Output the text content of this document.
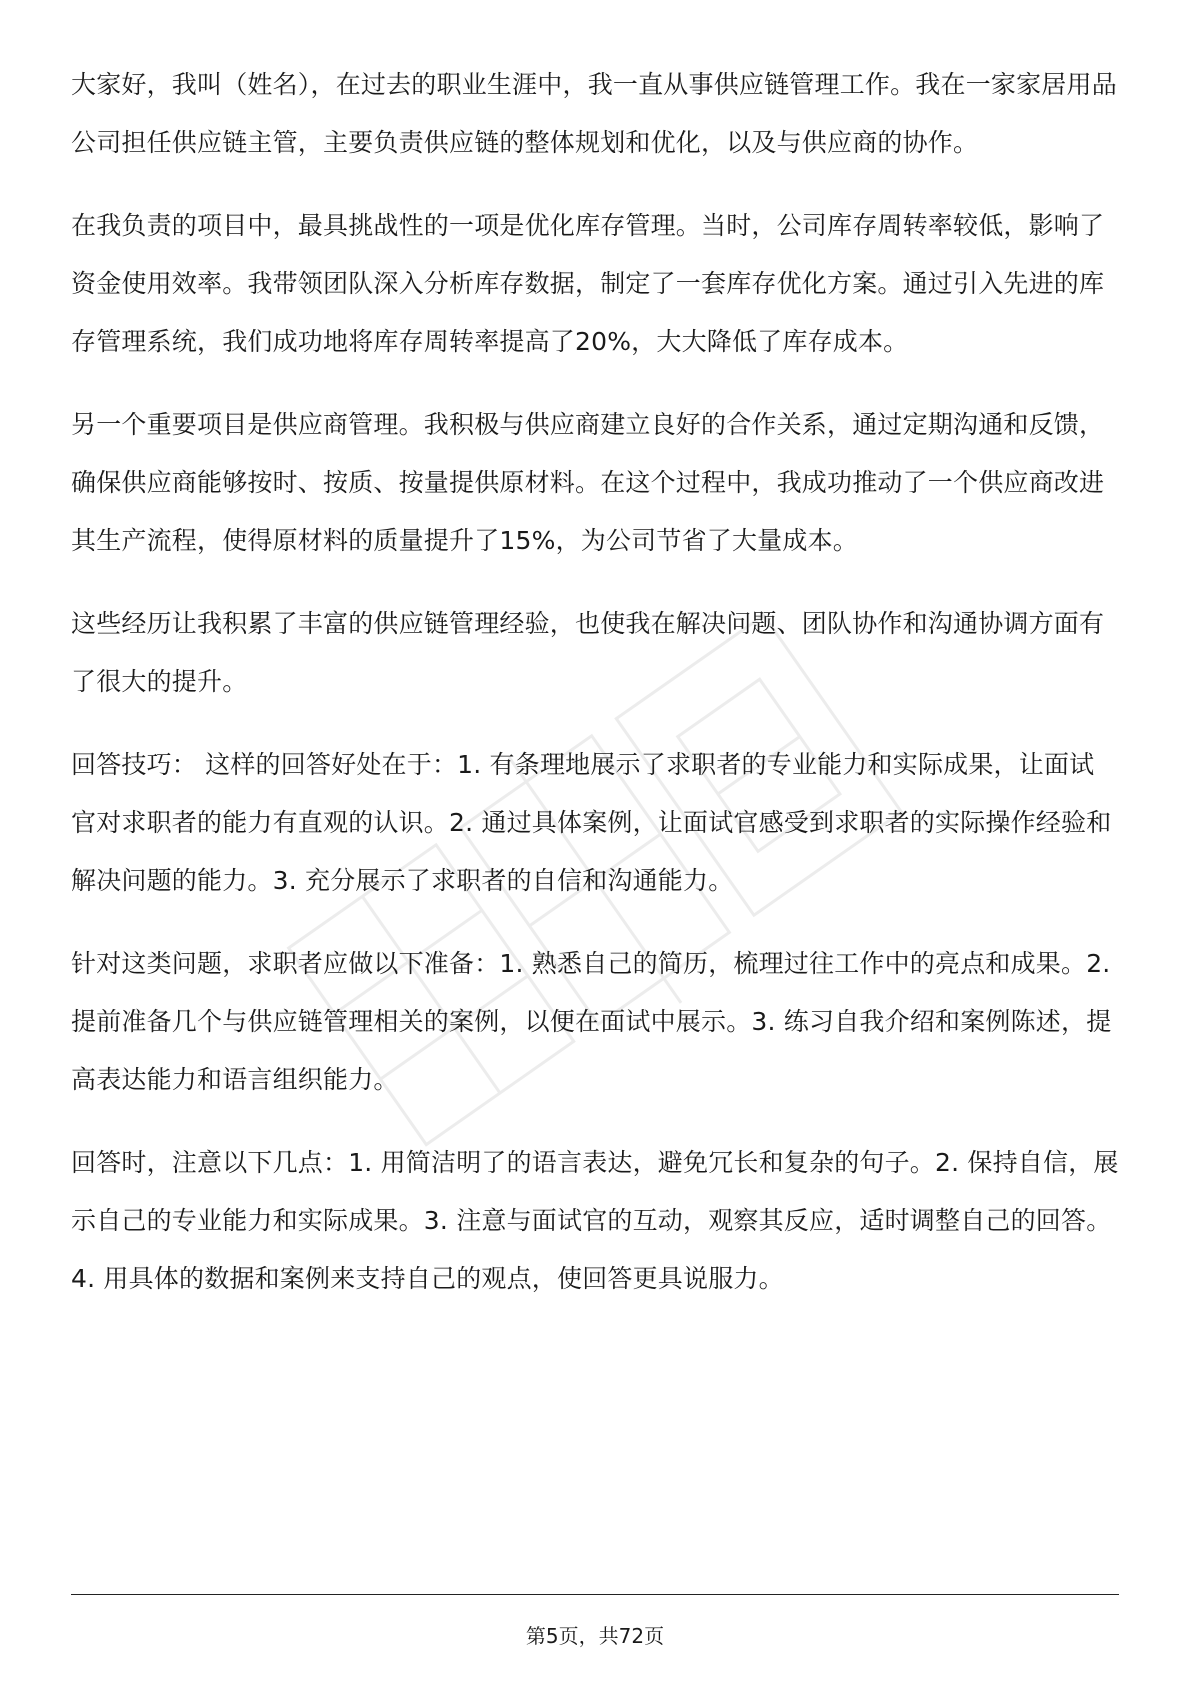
大家好，我叫（姓名），在过去的职业生涯中，我一直从事供应链管理工作。我在一家家居用品公司担任供应链主管，主要负责供应链的整体规划和优化，以及与供应商的协作。

在我负责的项目中，最具挑战性的一项是优化库存管理。当时，公司库存周转率较低，影响了资金使用效率。我带领团队深入分析库存数据，制定了一套库存优化方案。通过引入先进的库存管理系统，我们成功地将库存周转率提高了20%，大大降低了库存成本。

另一个重要项目是供应商管理。我积极与供应商建立良好的合作关系，通过定期沟通和反馈，确保供应商能够按时、按质、按量提供原材料。在这个过程中，我成功推动了一个供应商改进其生产流程，使得原材料的质量提升了15%，为公司节省了大量成本。

这些经历让我积累了丰富的供应链管理经验，也使我在解决问题、团队协作和沟通协调方面有了很大的提升。

回答技巧： 这样的回答好处在于：1. 有条理地展示了求职者的专业能力和实际成果，让面试官对求职者的能力有直观的认识。2. 通过具体案例，让面试官感受到求职者的实际操作经验和解决问题的能力。3. 充分展示了求职者的自信和沟通能力。

针对这类问题，求职者应做以下准备：1. 熟悉自己的简历，梳理过往工作中的亮点和成果。2. 提前准备几个与供应链管理相关的案例，以便在面试中展示。3. 练习自我介绍和案例陈述，提高表达能力和语言组织能力。

回答时，注意以下几点：1. 用简洁明了的语言表达，避免冗长和复杂的句子。2. 保持自信，展示自己的专业能力和实际成果。3. 注意与面试官的互动，观察其反应，适时调整自己的回答。4. 用具体的数据和案例来支持自己的观点，使回答更具说服力。

第5页，共72页
